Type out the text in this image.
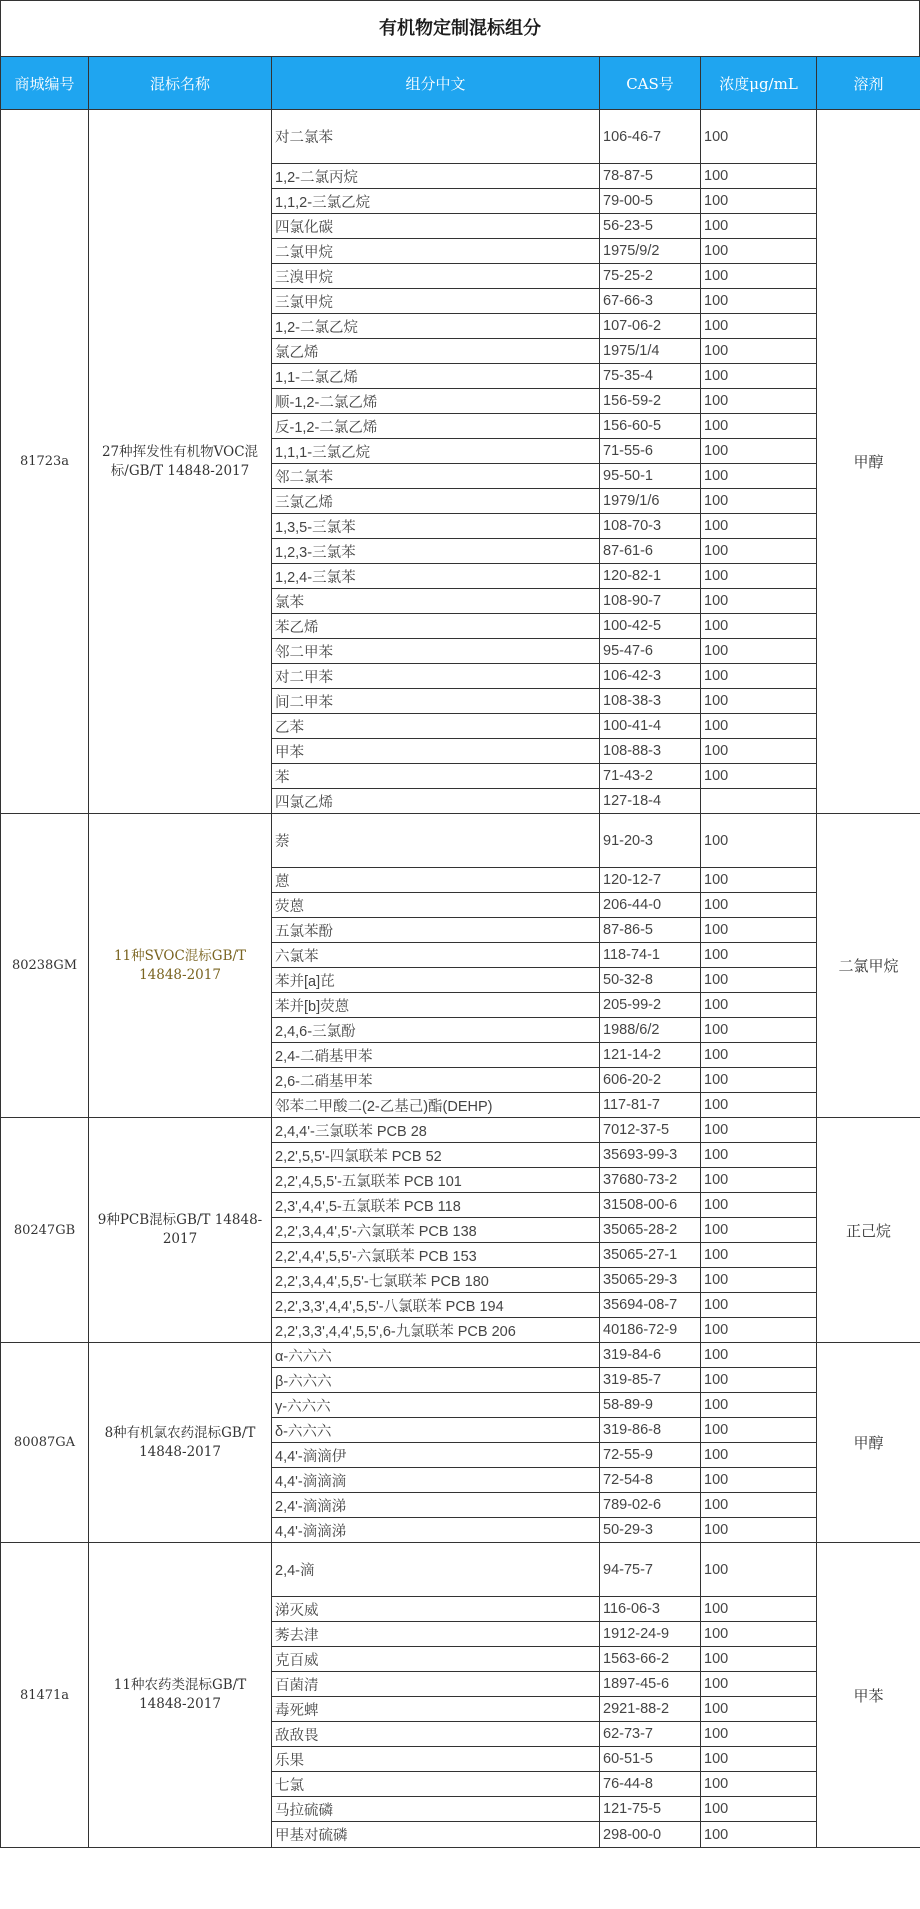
有机物定制混标组分
商城编号	混标名称	组分中文	CAS号	浓度μg/mL	溶剂
81723a	27种挥发性有机物VOC混标/GB/T 14848-2017	对二氯苯	106-46-7	100	甲醇
		1,2-二氯丙烷	78-87-5	100	
		1,1,2-三氯乙烷	79-00-5	100	
		四氯化碳	56-23-5	100	
		二氯甲烷	1975/9/2	100	
		三溴甲烷	75-25-2	100	
		三氯甲烷	67-66-3	100	
		1,2-二氯乙烷	107-06-2	100	
		氯乙烯	1975/1/4	100	
		1,1-二氯乙烯	75-35-4	100	
		顺-1,2-二氯乙烯	156-59-2	100	
		反-1,2-二氯乙烯	156-60-5	100	
		1,1,1-三氯乙烷	71-55-6	100	
		邻二氯苯	95-50-1	100	
		三氯乙烯	1979/1/6	100	
		1,3,5-三氯苯	108-70-3	100	
		1,2,3-三氯苯	87-61-6	100	
		1,2,4-三氯苯	120-82-1	100	
		氯苯	108-90-7	100	
		苯乙烯	100-42-5	100	
		邻二甲苯	95-47-6	100	
		对二甲苯	106-42-3	100	
		间二甲苯	108-38-3	100	
		乙苯	100-41-4	100	
		甲苯	108-88-3	100	
		苯	71-43-2	100	
		四氯乙烯	127-18-4		
80238GM	11种SVOC混标GB/T 14848-2017	萘	91-20-3	100	二氯甲烷
		蒽	120-12-7	100	
		荧蒽	206-44-0	100	
		五氯苯酚	87-86-5	100	
		六氯苯	118-74-1	100	
		苯并[a]芘	50-32-8	100	
		苯并[b]荧蒽	205-99-2	100	
		2,4,6-三氯酚	1988/6/2	100	
		2,4-二硝基甲苯	121-14-2	100	
		2,6-二硝基甲苯	606-20-2	100	
		邻苯二甲酸二(2-乙基己)酯(DEHP)	117-81-7	100	
80247GB	9种PCB混标GB/T 14848-2017	2,4,4'-三氯联苯 PCB 28	7012-37-5	100	正己烷
		2,2',5,5'-四氯联苯 PCB 52	35693-99-3	100	
		2,2',4,5,5'-五氯联苯 PCB 101	37680-73-2	100	
		2,3',4,4',5-五氯联苯 PCB 118	31508-00-6	100	
		2,2',3,4,4',5'-六氯联苯 PCB 138	35065-28-2	100	
		2,2',4,4',5,5'-六氯联苯 PCB 153	35065-27-1	100	
		2,2',3,4,4',5,5'-七氯联苯 PCB 180	35065-29-3	100	
		2,2',3,3',4,4',5,5'-八氯联苯 PCB 194	35694-08-7	100	
		2,2',3,3',4,4',5,5',6-九氯联苯 PCB 206	40186-72-9	100	
80087GA	8种有机氯农药混标GB/T 14848-2017	α-六六六	319-84-6	100	甲醇
		β-六六六	319-85-7	100	
		γ-六六六	58-89-9	100	
		δ-六六六	319-86-8	100	
		4,4'-滴滴伊	72-55-9	100	
		4,4'-滴滴滴	72-54-8	100	
		2,4'-滴滴涕	789-02-6	100	
		4,4'-滴滴涕	50-29-3	100	
81471a	11种农药类混标GB/T 14848-2017	2,4-滴	94-75-7	100	甲苯
		涕灭威	116-06-3	100	
		莠去津	1912-24-9	100	
		克百威	1563-66-2	100	
		百菌清	1897-45-6	100	
		毒死蜱	2921-88-2	100	
		敌敌畏	62-73-7	100	
		乐果	60-51-5	100	
		七氯	76-44-8	100	
		马拉硫磷	121-75-5	100	
		甲基对硫磷	298-00-0	100	
